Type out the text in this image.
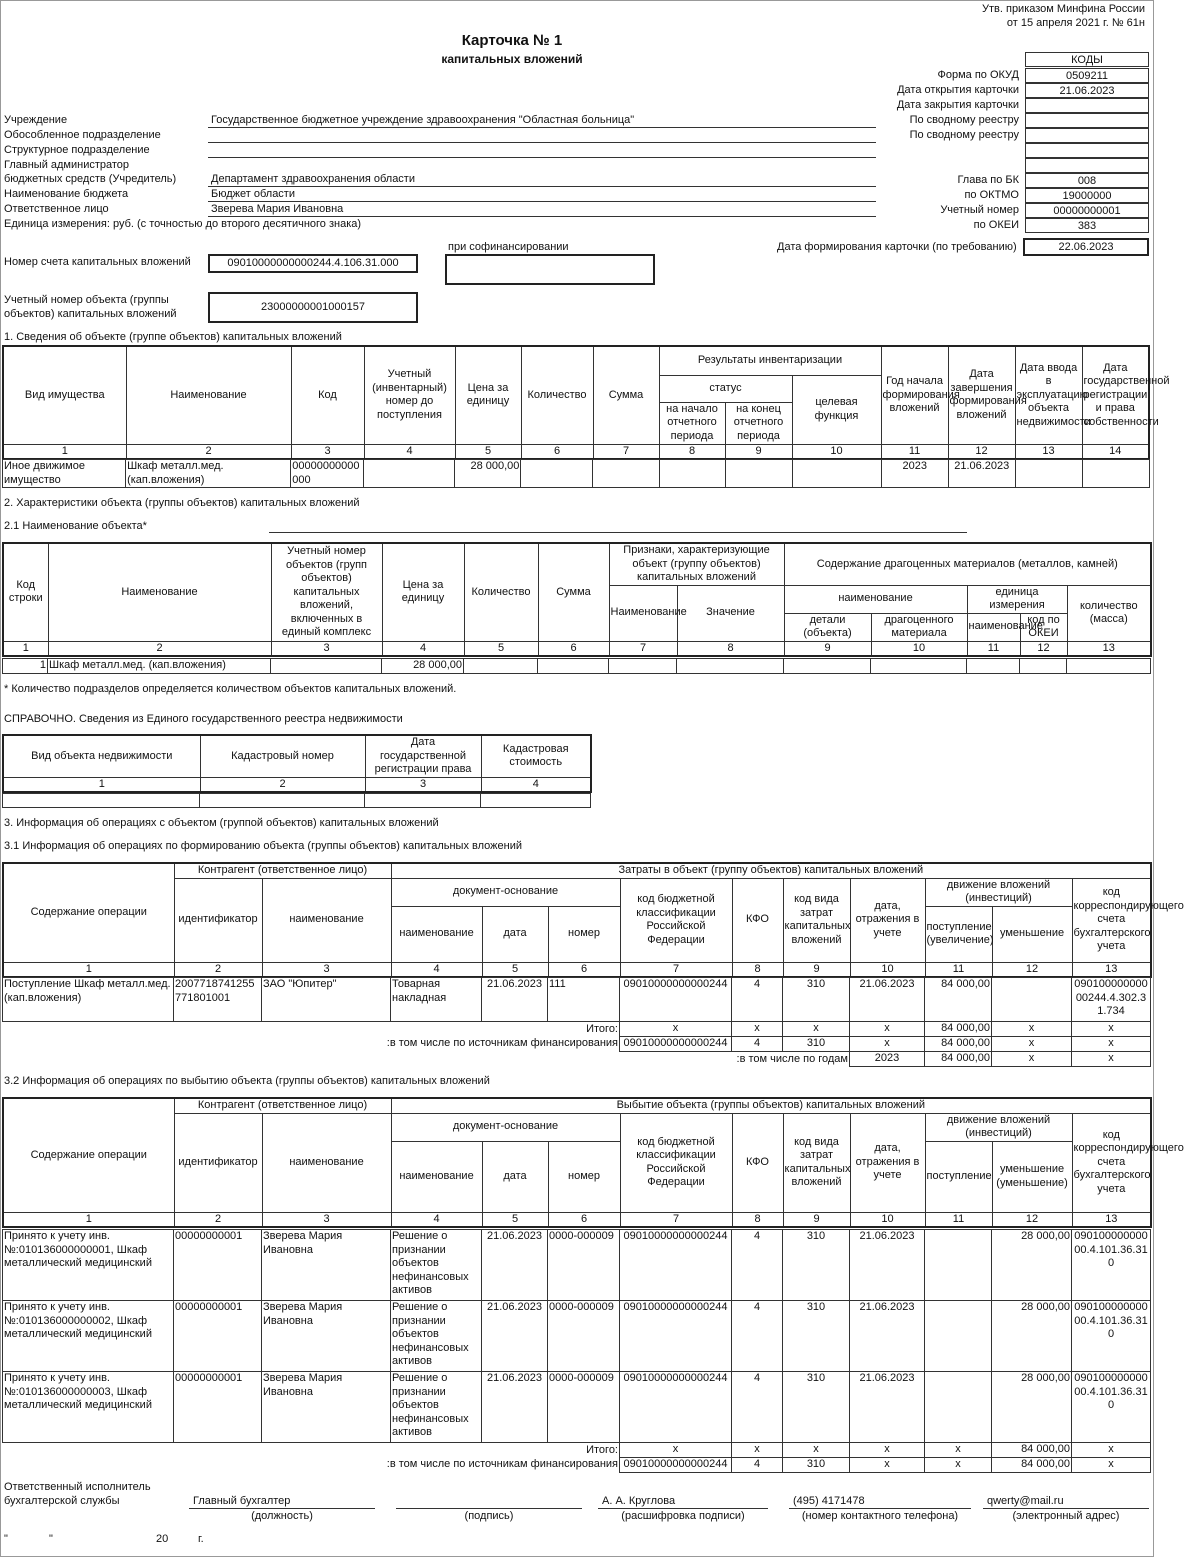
Утв. приказом Минфина России
от 15 апреля 2021 г. № 61н
Карточка № 1
капитальных вложений	КОДЫ
Форма по ОКУД	0509211
Дата открытия карточки	21.06.2023
Дата закрытия карточки
По сводному реестру
По сводному реестру
Глава по БК	008
по ОКТМО	19000000
Учетный номер	00000000001
по ОКЕИ	383
Учреждение	Государственное бюджетное учреждение здравоохранения "Областная больница"
Обособленное подразделение
Структурное подразделение
Главный администратор
бюджетных средств (Учредитель)	Департамент здравоохранения области
Наименование бюджета	Бюджет области
Ответственное лицо	Зверева Мария Ивановна
Единица измерения: руб. (с точностью до второго десятичного знака)
Дата формирования карточки (по требованию)	22.06.2023
при софинансировании
Номер счета капитальных вложений	09010000000000244.4.106.31.000
Учетный номер объекта (группы
объектов) капитальных вложений
23000000001000157
1. Сведения об объекте (группе объектов) капитальных вложений
Вид имущества	Наименование	Код	Учетный (инвентарный) номер до поступления	Цена за единицу	Количество	Сумма	Результаты инвентаризации			Год начала формирования вложений	Дата завершения формирования вложений	Дата ввода в эксплуатацию объекта недвижимости	Дата государственной регистрации и права собственности
							статус		целевая функция				
							на начало отчетного периода	на конец отчетного периода					
1	2	3	4	5	6	7	8	9	10	11	12	13	14
Иное движимое имущество	Шкаф металл.мед. (кап.вложения)	00000000000000		28 000,00						2023	21.06.2023		
2. Характеристики объекта (группы объектов) капитальных вложений
2.1 Наименование объекта*
Код строки	Наименование	Учетный номер объектов (групп объектов) капитальных вложений, включенных в единый комплекс	Цена за единицу	Количество	Сумма	Признаки, характеризующие объект (группу объектов) капитальных вложений		Содержание драгоценных материалов (металлов, камней)				
						Наименование	Значение	наименование		единица измерения		количество (масса)
								детали (объекта)	драгоценного материала	наименование	код по ОКЕИ	
1	2	3	4	5	6	7	8	9	10	11	12	13
1	Шкаф металл.мед. (кап.вложения)		28 000,00									
* Количество подразделов определяется количеством объектов капитальных вложений.
СПРАВОЧНО. Сведения из Единого государственного реестра недвижимости
Вид объекта недвижимости	Кадастровый номер	Дата государственной регистрации права	Кадастровая стоимость
1	2	3	4

3. Информация об операциях с объектом (группой объектов) капитальных вложений
3.1 Информация об операциях по формированию объекта (группы объектов) капитальных вложений
Содержание операции	Контрагент (ответственное лицо)		Затраты в объект (группу объектов) капитальных вложений									
	идентификатор	наименование	документ-основание			код бюджетной классификации Российской Федерации	КФО	код вида затрат капитальных вложений	дата, отражения в учете	движение вложений (инвестиций)		код корреспондирующего счета бухгалтерского учета

			наименование	дата	номер					поступление (увеличение)	уменьшение	
1	2	3	4	5	6	7	8	9	10	11	12	13
Поступление Шкаф металл.мед. (кап.вложения)	2007718741255771801001	ЗАО "Юпитер"	Товарная накладная	21.06.2023	111	09010000000000244	4	310	21.06.2023	84 000,00		09010000000000244.4.302.31.734
					Итого:	x	x	x	x	84 000,00	x	x
					в том числе по источникам финансирования:	09010000000000244	4	310	x	84 000,00	x	x
								в том числе по годам:	2023	84 000,00	x	x
3.2 Информация об операциях по выбытию объекта (группы объектов) капитальных вложений
Содержание операции	Контрагент (ответственное лицо)		Выбытие объекта (группы объектов) капитальных вложений									
	идентификатор	наименование	документ-основание			код бюджетной классификации Российской Федерации	КФО	код вида затрат капитальных вложений	дата, отражения в учете	движение вложений (инвестиций)		код корреспондирующего счета бухгалтерского учета
			наименование	дата	номер					поступление	уменьшение (уменьшение)	
1	2	3	4	5	6	7	8	9	10	11	12	13
Принято к учету инв. №:010136000000001, Шкаф металлический медицинский	00000000001	Зверева Мария Ивановна	Решение о признании объектов нефинансовых активов	21.06.2023	0000-000009	09010000000000244	4	310	21.06.2023		28 000,00	09010000000000.4.101.36.310
Принято к учету инв. №:010136000000002, Шкаф металлический медицинский	00000000001	Зверева Мария Ивановна	Решение о признании объектов нефинансовых активов	21.06.2023	0000-000009	09010000000000244	4	310	21.06.2023		28 000,00	09010000000000.4.101.36.310
Принято к учету инв. №:010136000000003, Шкаф металлический медицинский	00000000001	Зверева Мария Ивановна	Решение о признании объектов нефинансовых активов	21.06.2023	0000-000009	09010000000000244	4	310	21.06.2023		28 000,00	09010000000000.4.101.36.310
					Итого:	x	x	x	x	x	84 000,00	x
					в том числе по источникам финансирования:	09010000000000244	4	310	x	x	84 000,00	x
Ответственный исполнитель
бухгалтерской службы	Главный бухгалтер
(должность)	(подпись)
А. А. Круглова
(расшифровка подписи)
(495) 4171478
(номер контактного телефона)
qwerty@mail.ru
(электронный адрес)
"	"	20	г.
